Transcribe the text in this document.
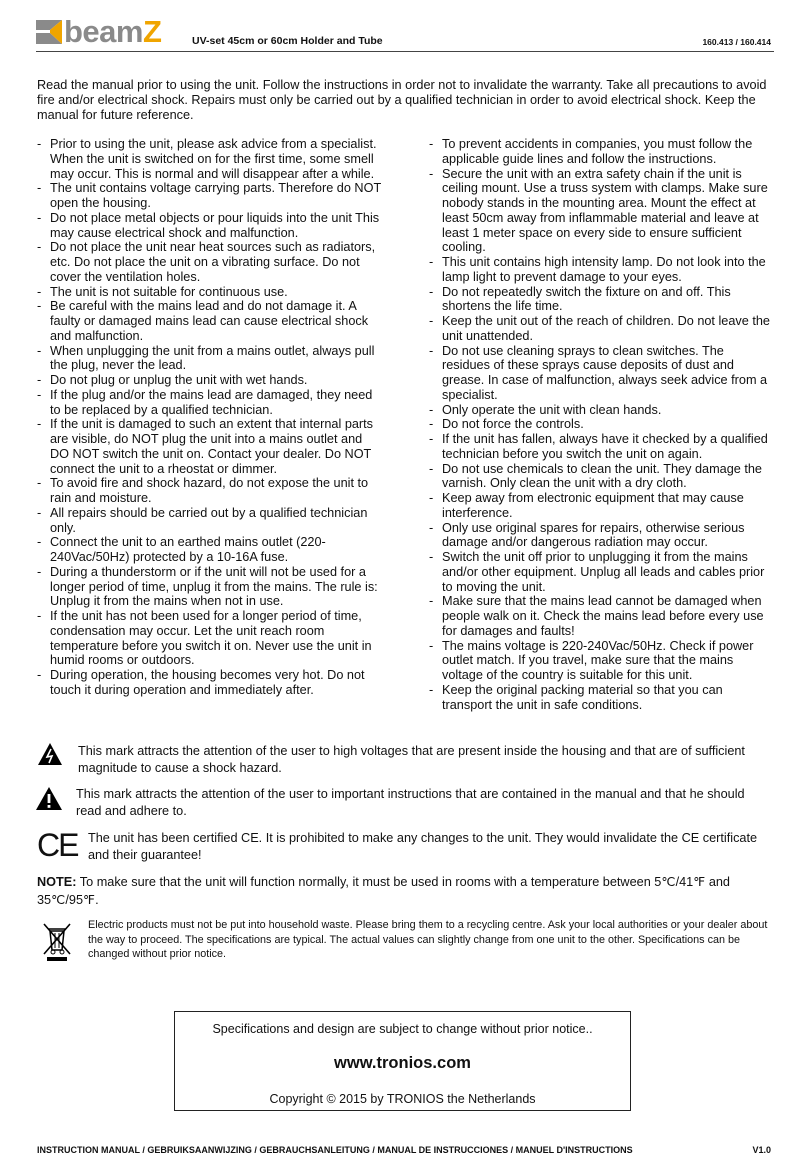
beamZ	UV-set 45cm or 60cm Holder and Tube	160.413 / 160.414
Read the manual prior to using the unit. Follow the instructions in order not to invalidate the warranty. Take all precautions to avoid fire and/or electrical shock. Repairs must only be carried out by a qualified technician in order to avoid electrical shock. Keep the manual for future reference.
- Prior to using the unit, please ask advice from a specialist. When the unit is switched on for the first time, some smell may occur. This is normal and will disappear after a while.
- The unit contains voltage carrying parts. Therefore do NOT open the housing.
- Do not place metal objects or pour liquids into the unit This may cause electrical shock and malfunction.
- Do not place the unit near heat sources such as radiators, etc. Do not place the unit on a vibrating surface. Do not cover the ventilation holes.
- The unit is not suitable for continuous use.
- Be careful with the mains lead and do not damage it. A faulty or damaged mains lead can cause electrical shock and malfunction.
- When unplugging the unit from a mains outlet, always pull the plug, never the lead.
- Do not plug or unplug the unit with wet hands.
- If the plug and/or the mains lead are damaged, they need to be replaced by a qualified technician.
- If the unit is damaged to such an extent that internal parts are visible, do NOT plug the unit into a mains outlet and DO NOT switch the unit on. Contact your dealer. Do NOT connect the unit to a rheostat or dimmer.
- To avoid fire and shock hazard, do not expose the unit to rain and moisture.
- All repairs should be carried out by a qualified technician only.
- Connect the unit to an earthed mains outlet (220-240Vac/50Hz) protected by a 10-16A fuse.
- During a thunderstorm or if the unit will not be used for a longer period of time, unplug it from the mains. The rule is: Unplug it from the mains when not in use.
- If the unit has not been used for a longer period of time, condensation may occur. Let the unit reach room temperature before you switch it on. Never use the unit in humid rooms or outdoors.
- During operation, the housing becomes very hot. Do not touch it during operation and immediately after.
- To prevent accidents in companies, you must follow the applicable guide lines and follow the instructions.
- Secure the unit with an extra safety chain if the unit is ceiling mount. Use a truss system with clamps. Make sure nobody stands in the mounting area. Mount the effect at least 50cm away from inflammable material and leave at least 1 meter space on every side to ensure sufficient cooling.
- This unit contains high intensity lamp. Do not look into the lamp light to prevent damage to your eyes.
- Do not repeatedly switch the fixture on and off. This shortens the life time.
- Keep the unit out of the reach of children. Do not leave the unit unattended.
- Do not use cleaning sprays to clean switches. The residues of these sprays cause deposits of dust and grease. In case of malfunction, always seek advice from a specialist.
- Only operate the unit with clean hands.
- Do not force the controls.
- If the unit has fallen, always have it checked by a qualified technician before you switch the unit on again.
- Do not use chemicals to clean the unit. They damage the varnish. Only clean the unit with a dry cloth.
- Keep away from electronic equipment that may cause interference.
- Only use original spares for repairs, otherwise serious damage and/or dangerous radiation may occur.
- Switch the unit off prior to unplugging it from the mains and/or other equipment. Unplug all leads and cables prior to moving the unit.
- Make sure that the mains lead cannot be damaged when people walk on it. Check the mains lead before every use for damages and faults!
- The mains voltage is 220-240Vac/50Hz. Check if power outlet match. If you travel, make sure that the mains voltage of the country is suitable for this unit.
- Keep the original packing material so that you can transport the unit in safe conditions.
This mark attracts the attention of the user to high voltages that are present inside the housing and that are of sufficient magnitude to cause a shock hazard.
This mark attracts the attention of the user to important instructions that are contained in the manual and that he should read and adhere to.
CE The unit has been certified CE. It is prohibited to make any changes to the unit. They would invalidate the CE certificate and their guarantee!
NOTE: To make sure that the unit will function normally, it must be used in rooms with a temperature between 5℃/41℉ and 35℃/95℉.
Electric products must not be put into household waste. Please bring them to a recycling centre. Ask your local authorities or your dealer about the way to proceed. The specifications are typical. The actual values can slightly change from one unit to the other. Specifications can be changed without prior notice.
Specifications and design are subject to change without prior notice..
www.tronios.com
Copyright © 2015 by TRONIOS the Netherlands
INSTRUCTION MANUAL / GEBRUIKSAANWIJZING / GEBRAUCHSANLEITUNG / MANUAL DE INSTRUCCIONES / MANUEL D'INSTRUCTIONS	V1.0
